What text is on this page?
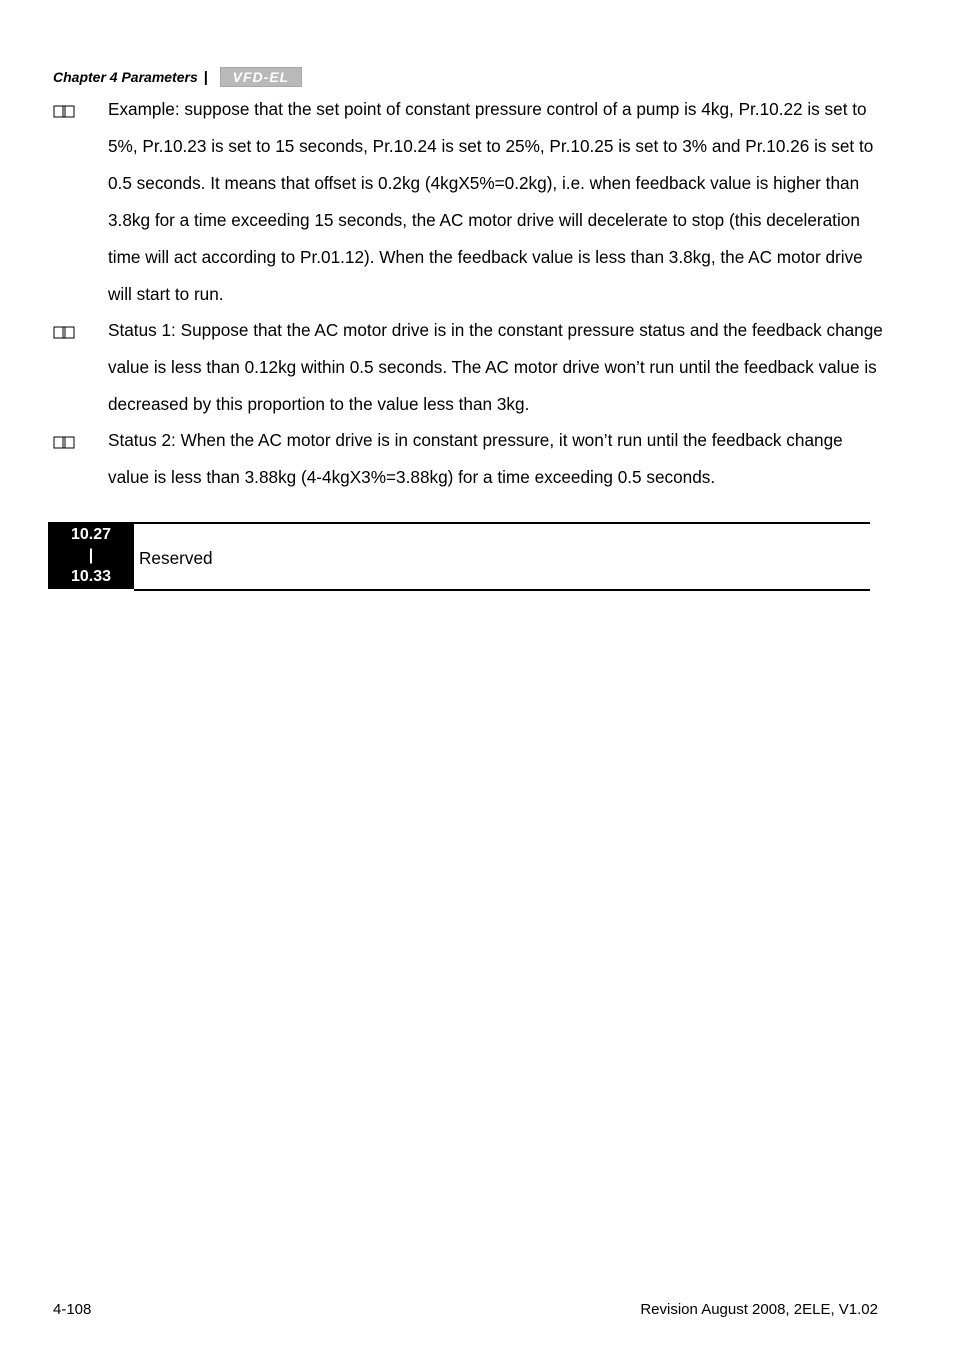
Chapter 4 Parameters | VFD-EL

Example: suppose that the set point of constant pressure control of a pump is 4kg, Pr.10.22 is set to 5%, Pr.10.23 is set to 15 seconds, Pr.10.24 is set to 25%, Pr.10.25 is set to 3% and Pr.10.26 is set to 0.5 seconds. It means that offset is 0.2kg (4kgX5%=0.2kg), i.e. when feedback value is higher than 3.8kg for a time exceeding 15 seconds, the AC motor drive will decelerate to stop (this deceleration time will act according to Pr.01.12). When the feedback value is less than 3.8kg, the AC motor drive will start to run.

Status 1: Suppose that the AC motor drive is in the constant pressure status and the feedback change value is less than 0.12kg within 0.5 seconds. The AC motor drive won’t run until the feedback value is decreased by this proportion to the value less than 3kg.

Status 2: When the AC motor drive is in constant pressure, it won’t run until the feedback change value is less than 3.88kg (4-4kgX3%=3.88kg) for a time exceeding 0.5 seconds.

10.27
|
10.33
Reserved
4-108	Revision August 2008, 2ELE, V1.02
